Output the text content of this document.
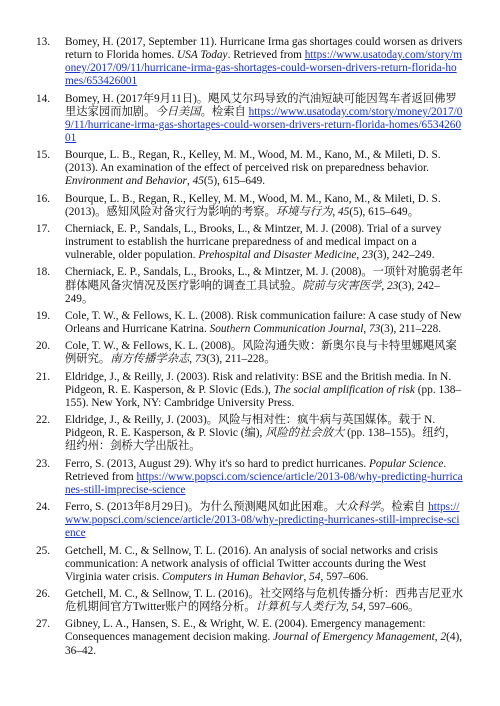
13. Bomey, H. (2017, September 11). Hurricane Irma gas shortages could worsen as drivers return to Florida homes. USA Today. Retrieved from https://www.usatoday.com/story/money/2017/09/11/hurricane-irma-gas-shortages-could-worsen-drivers-return-florida-homes/653426001
14. Bomey, H. (2017年9月11日)。飓风艾尔玛导致的汽油短缺可能因驾车者返回佛罗里达家园而加剧。今日美国。检索自 https://www.usatoday.com/story/money/2017/09/11/hurricane-irma-gas-shortages-could-worsen-drivers-return-florida-homes/653426001
15. Bourque, L. B., Regan, R., Kelley, M. M., Wood, M. M., Kano, M., & Mileti, D. S. (2013). An examination of the effect of perceived risk on preparedness behavior. Environment and Behavior, 45(5), 615–649.
16. Bourque, L. B., Regan, R., Kelley, M. M., Wood, M. M., Kano, M., & Mileti, D. S. (2013)。感知风险对备灾行为影响的考察。环境与行为, 45(5), 615–649。
17. Cherniack, E. P., Sandals, L., Brooks, L., & Mintzer, M. J. (2008). Trial of a survey instrument to establish the hurricane preparedness of and medical impact on a vulnerable, older population. Prehospital and Disaster Medicine, 23(3), 242–249.
18. Cherniack, E. P., Sandals, L., Brooks, L., & Mintzer, M. J. (2008)。一项针对脆弱老年群体飓风备灾情况及医疗影响的调查工具试验。院前与灾害医学, 23(3), 242–249。
19. Cole, T. W., & Fellows, K. L. (2008). Risk communication failure: A case study of New Orleans and Hurricane Katrina. Southern Communication Journal, 73(3), 211–228.
20. Cole, T. W., & Fellows, K. L. (2008)。风险沟通失败：新奥尔良与卡特里娜飓风案例研究。南方传播学杂志, 73(3), 211–228。
21. Eldridge, J., & Reilly, J. (2003). Risk and relativity: BSE and the British media. In N. Pidgeon, R. E. Kasperson, & P. Slovic (Eds.), The social amplification of risk (pp. 138–155). New York, NY: Cambridge University Press.
22. Eldridge, J., & Reilly, J. (2003)。风险与相对性：疯牛病与英国媒体。载于 N. Pidgeon, R. E. Kasperson, & P. Slovic (编), 风险的社会放大 (pp. 138–155)。纽约，纽约州：剑桥大学出版社。
23. Ferro, S. (2013, August 29). Why it's so hard to predict hurricanes. Popular Science. Retrieved from https://www.popsci.com/science/article/2013-08/why-predicting-hurricanes-still-imprecise-science
24. Ferro, S. (2013年8月29日)。为什么预测飓风如此困难。大众科学。检索自 https://www.popsci.com/science/article/2013-08/why-predicting-hurricanes-still-imprecise-science
25. Getchell, M. C., & Sellnow, T. L. (2016). An analysis of social networks and crisis communication: A network analysis of official Twitter accounts during the West Virginia water crisis. Computers in Human Behavior, 54, 597–606.
26. Getchell, M. C., & Sellnow, T. L. (2016)。社交网络与危机传播分析：西弗吉尼亚水危机期间官方Twitter账户的网络分析。计算机与人类行为, 54, 597–606。
27. Gibney, L. A., Hansen, S. E., & Wright, W. E. (2004). Emergency management: Consequences management decision making. Journal of Emergency Management, 2(4), 36–42.
